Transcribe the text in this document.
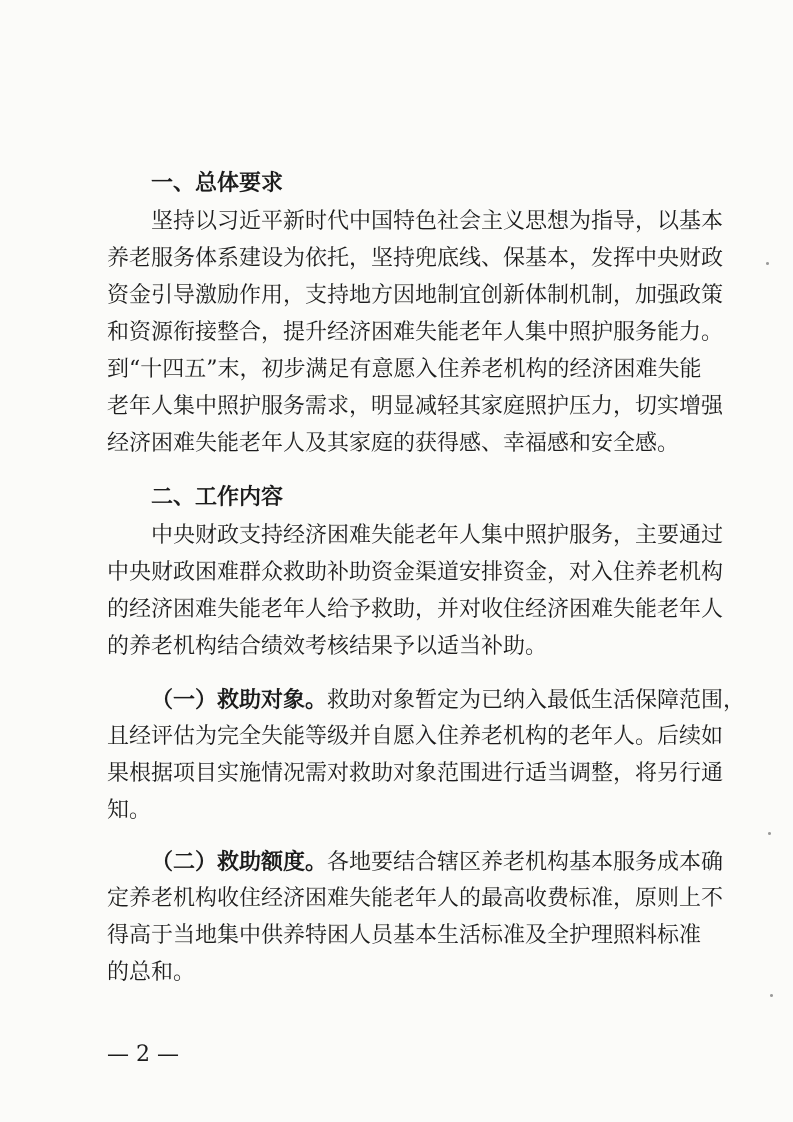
一、总体要求
坚持以习近平新时代中国特色社会主义思想为指导，以基本
养老服务体系建设为依托，坚持兜底线、保基本，发挥中央财政
资金引导激励作用，支持地方因地制宜创新体制机制，加强政策
和资源衔接整合，提升经济困难失能老年人集中照护服务能力。
到“十四五”末，初步满足有意愿入住养老机构的经济困难失能
老年人集中照护服务需求，明显减轻其家庭照护压力，切实增强
经济困难失能老年人及其家庭的获得感、幸福感和安全感。
二、工作内容
中央财政支持经济困难失能老年人集中照护服务，主要通过
中央财政困难群众救助补助资金渠道安排资金，对入住养老机构
的经济困难失能老年人给予救助，并对收住经济困难失能老年人
的养老机构结合绩效考核结果予以适当补助。
（一）救助对象。救助对象暂定为已纳入最低生活保障范围，
且经评估为完全失能等级并自愿入住养老机构的老年人。后续如
果根据项目实施情况需对救助对象范围进行适当调整，将另行通
知。
（二）救助额度。各地要结合辖区养老机构基本服务成本确
定养老机构收住经济困难失能老年人的最高收费标准，原则上不
得高于当地集中供养特困人员基本生活标准及全护理照料标准
的总和。
— 2 —
